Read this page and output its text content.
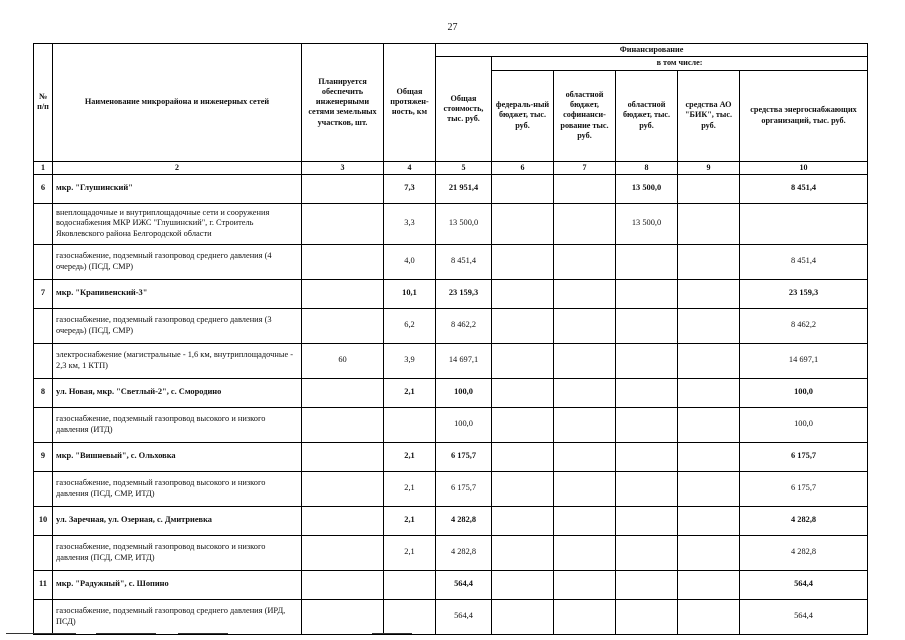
27
№ п/п	Наименование микрорайона и инженерных сетей	Планируется обеспечить инженерными сетями земельных участков, шт.	Общая протяжен-ность, км	Финансирование					
				Общая стоимость, тыс. руб.	в том числе:				
					федераль-ный бюджет, тыс. руб.	областной бюджет, софинанси-рование тыс. руб.	областной бюджет, тыс. руб.	средства АО "БИК", тыс. руб.	средства энергоснабжающих организаций, тыс. руб.
1	2	3	4	5	6	7	8	9	10
6	мкр. "Глушинский"		7,3	21 951,4			13 500,0		8 451,4
	внеплощадочные и внутриплощадочные сети и сооружения водоснабжения МКР ИЖС "Глушинский", г. Строитель Яковлевского района Белгородской области		3,3	13 500,0			13 500,0		
	газоснабжение, подземный газопровод среднего давления (4 очередь) (ПСД, СМР)		4,0	8 451,4					8 451,4
7	мкр. "Крапивенский-3"		10,1	23 159,3					23 159,3
	газоснабжение, подземный газопровод среднего давления (3 очередь) (ПСД, СМР)		6,2	8 462,2					8 462,2
	электроснабжение (магистральные - 1,6 км, внутриплощадочные - 2,3 км, 1 КТП)	60	3,9	14 697,1					14 697,1
8	ул. Новая, мкр. "Светлый-2", с. Смородино		2,1	100,0					100,0
	газоснабжение, подземный газопровод высокого и низкого давления (ИТД)			100,0					100,0
9	мкр. "Вишневый", с. Ольховка		2,1	6 175,7					6 175,7
	газоснабжение, подземный газопровод высокого и низкого давления (ПСД, СМР, ИТД)		2,1	6 175,7					6 175,7
10	ул. Заречная, ул. Озерная, с. Дмитриевка		2,1	4 282,8					4 282,8
	газоснабжение, подземный газопровод высокого и низкого давления (ПСД, СМР, ИТД)		2,1	4 282,8					4 282,8
11	мкр. "Радужный", с. Шопино			564,4					564,4
	газоснабжение, подземный газопровод среднего давления (ИРД, ПСД)			564,4					564,4
